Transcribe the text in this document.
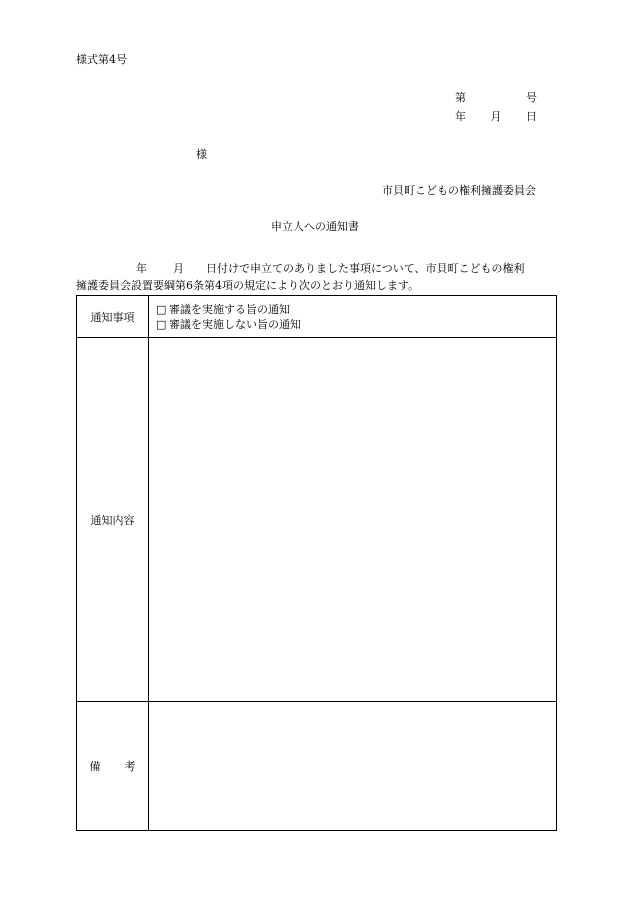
様式第4号
第	号
年 月 日
様
市貝町こどもの権利擁護委員会
申立人への通知書
年 月 日付けで申立てのありました事項について、市貝町こどもの権利
擁護委員会設置要綱第6条第4項の規定により次のとおり通知します。
通知事項	□ 審議を実施する旨の通知
□ 審議を実施しない旨の通知

通知内容	

備 考	
